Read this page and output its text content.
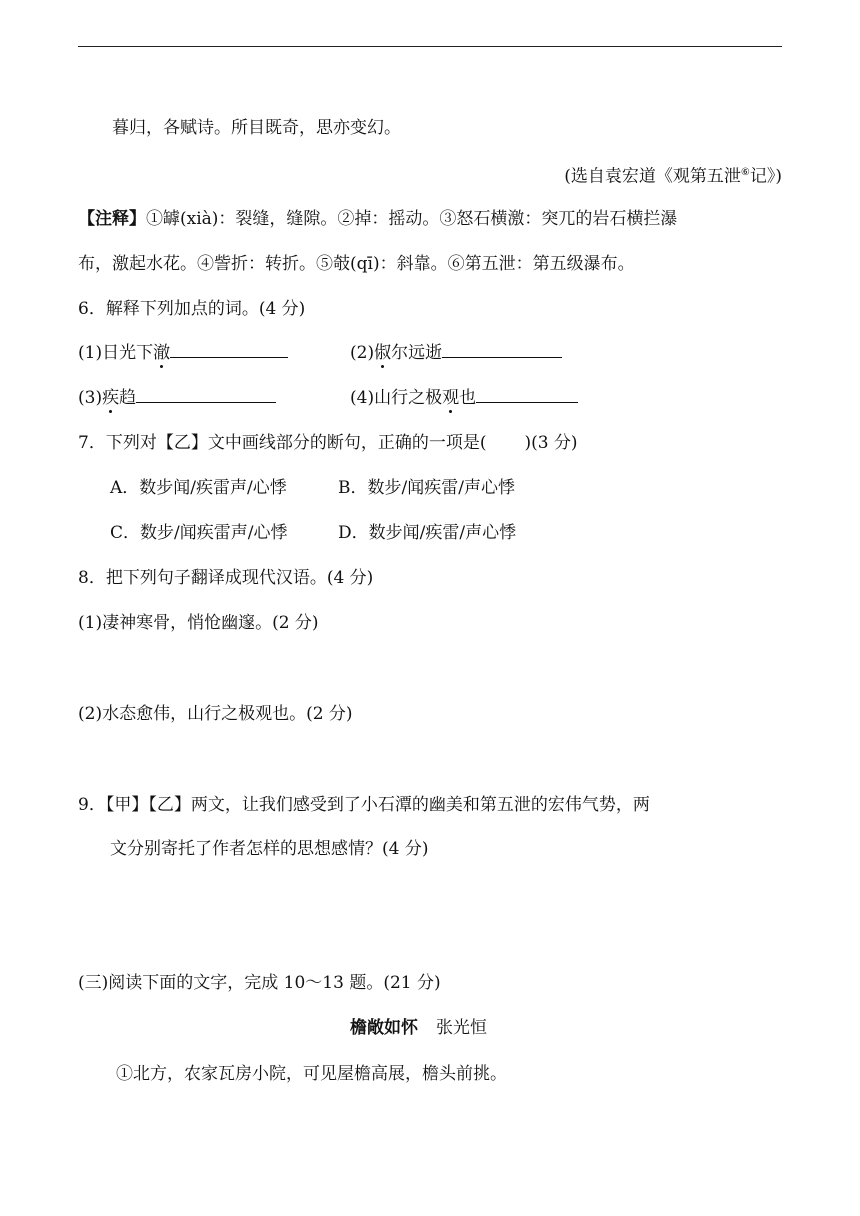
暮归，各赋诗。所目既奇，思亦变幻。
(选自袁宏道《观第五泄⑥记》)
【注释】①罅(xià)：裂缝，缝隙。②掉：摇动。③怒石横激：突兀的岩石横拦瀑
布，激起水花。④訾折：转折。⑤攲(qī)：斜靠。⑥第五泄：第五级瀑布。
6．解释下列加点的词。(4 分)
(1)日光下澈	(2)俶尔远逝
(3)疾趋	(4)山行之极观也
7．下列对【乙】文中画线部分的断句，正确的一项是( )(3 分)
A．数步闻/疾雷声/心悸	B．数步/闻疾雷/声心悸
C．数步/闻疾雷声/心悸	D．数步闻/疾雷/声心悸
8．把下列句子翻译成现代汉语。(4 分)
(1)凄神寒骨，悄怆幽邃。(2 分)
(2)水态愈伟，山行之极观也。(2 分)
9．【甲】【乙】两文，让我们感受到了小石潭的幽美和第五泄的宏伟气势，两
文分别寄托了作者怎样的思想感情？(4 分)
(三)阅读下面的文字，完成 10～13 题。(21 分)
檐敞如怀 张光恒
①北方，农家瓦房小院，可见屋檐高展，檐头前挑。
